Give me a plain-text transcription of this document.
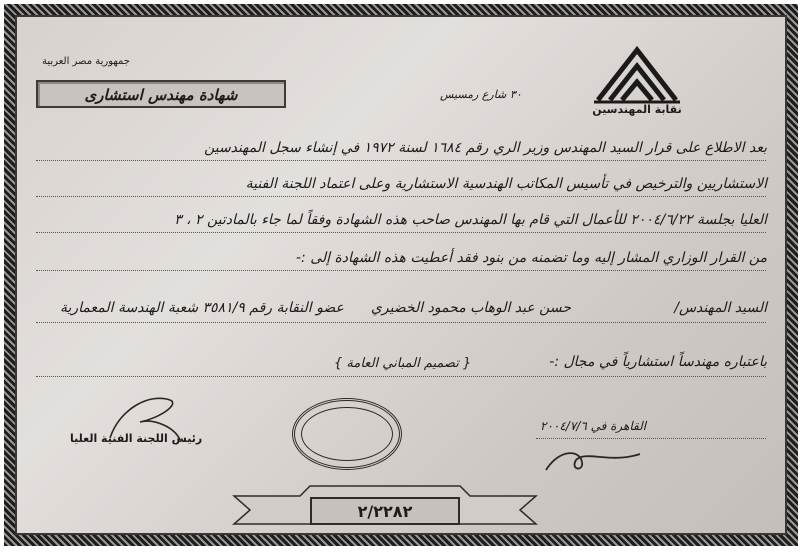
نقابة المهندسين
٣٠ شارع رمسيس
جمهورية مصر العربية
شهادة مهندس استشارى
بعد الاطلاع على قرار السيد المهندس وزير الري رقم ١٦٨٤ لسنة ١٩٧٢ في إنشاء سجل المهندسين
الاستشاريين والترخيص في تأسيس المكاتب الهندسية الاستشارية وعلى اعتماد اللجنة الفنية
العليا بجلسة ٢٠٠٤/٦/٢٢ للأعمال التي قام بها المهندس صاحب هذه الشهادة وفقاً لما جاء بالمادتين ٢ ، ٣
من القرار الوزاري المشار إليه وما تضمنه من بنود فقد أعطيت هذه الشهادة إلى :-
السيد المهندس/
حسن عبد الوهاب محمود الخضيري
عضو النقابة رقم ٣٥٨١/٩ شعبة الهندسة المعمارية
باعتباره مهندساً استشارياً في مجال :-
{ تصميم المباني العامة }
رئيس اللجنة الفنية العليا
القاهرة في ٢٠٠٤/٧/٦
٢/٢٢٨٢
